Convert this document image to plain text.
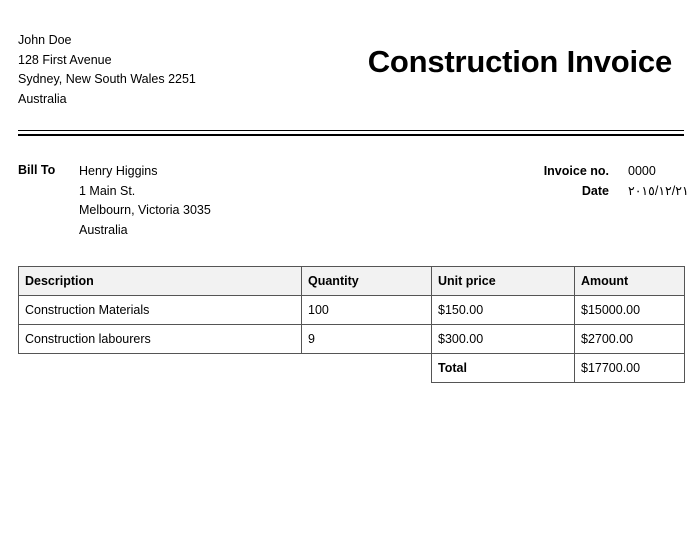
John Doe
128 First Avenue
Sydney, New South Wales 2251
Australia
Construction Invoice
Bill To Henry Higgins
1 Main St.
Melbourn, Victoria 3035
Australia
Invoice no.	0000
Date	٢٠١٥/١٢/٢١
Description	Quantity	Unit price	Amount
Construction Materials	100	$150.00	$15000.00
Construction labourers	9	$300.00	$2700.00
		Total	$17700.00
